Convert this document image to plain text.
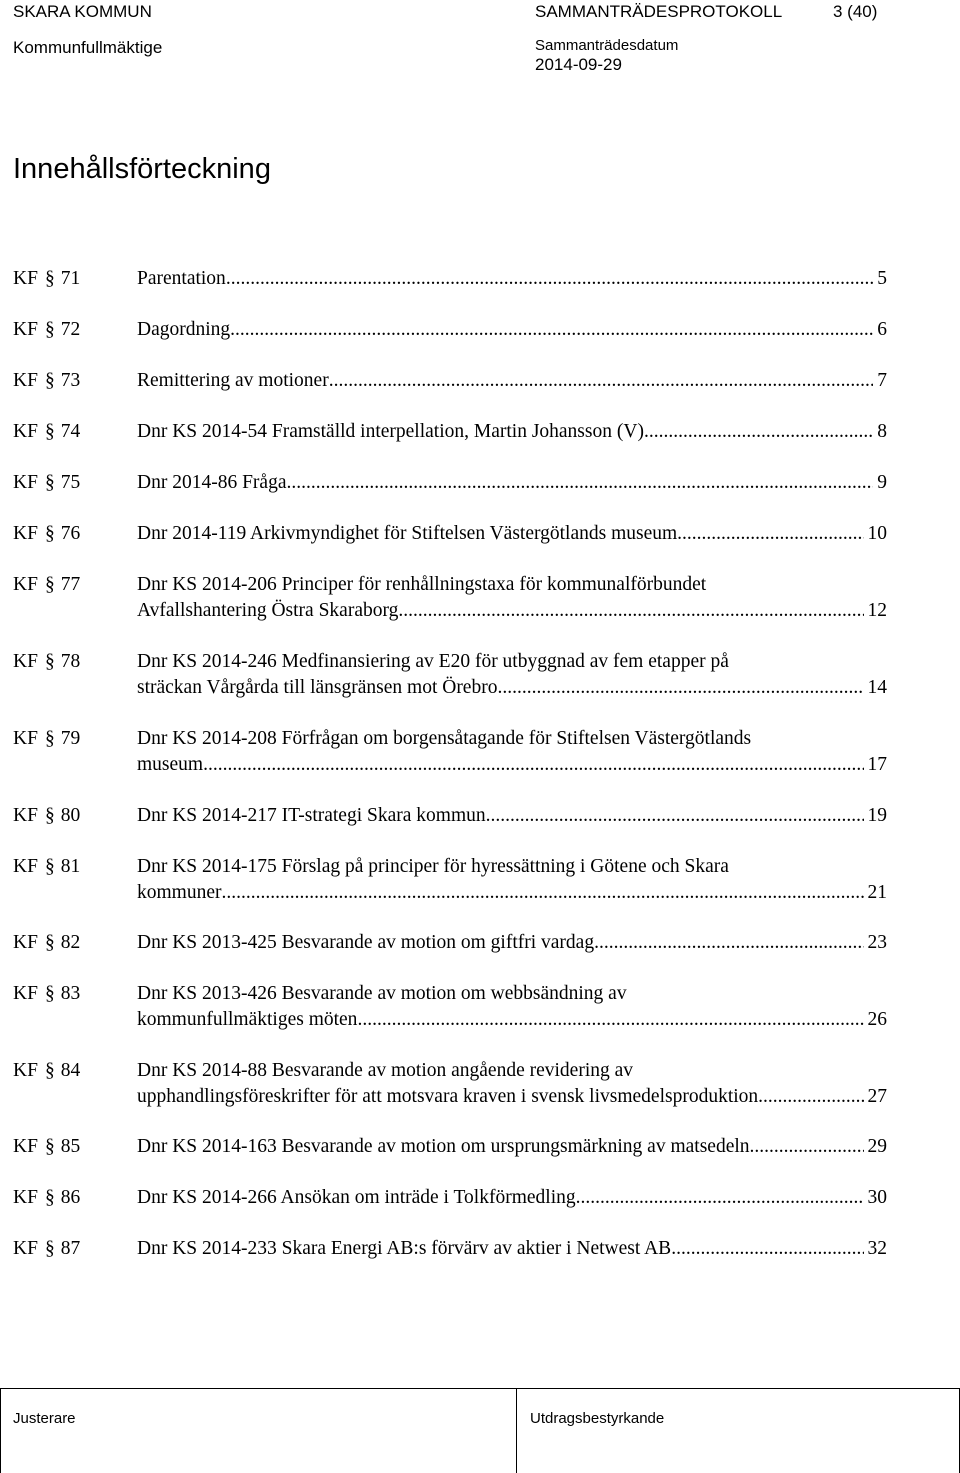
SKARA KOMMUN	SAMMANTRÄDESPROTOKOLL	3 (40)
Kommunfullmäktige	Sammanträdesdatum
2014-09-29
Innehållsförteckning
KF § 71	Parentation .....	5
KF § 72	Dagordning .....	6
KF § 73	Remittering av motioner .....	7
KF § 74	Dnr KS 2014-54 Framställd interpellation, Martin Johansson (V) .....	8
KF § 75	Dnr 2014-86 Fråga .....	9
KF § 76	Dnr 2014-119 Arkivmyndighet för Stiftelsen Västergötlands museum .....	10
KF § 77	Dnr KS 2014-206 Principer för renhållningstaxa för kommunalförbundet
Avfallshantering Östra Skaraborg .....	12
KF § 78	Dnr KS 2014-246 Medfinansiering av E20 för utbyggnad av fem etapper på
sträckan Vårgårda till länsgränsen mot Örebro .....	14
KF § 79	Dnr KS 2014-208 Förfrågan om borgensåtagande för Stiftelsen Västergötlands
museum .....	17
KF § 80	Dnr KS 2014-217 IT-strategi Skara kommun .....	19
KF § 81	Dnr KS 2014-175 Förslag på principer för hyressättning i Götene och Skara
kommuner .....	21
KF § 82	Dnr KS 2013-425 Besvarande av motion om giftfri vardag .....	23
KF § 83	Dnr KS 2013-426 Besvarande av motion om webbsändning av
kommunfullmäktiges möten .....	26
KF § 84	Dnr KS 2014-88 Besvarande av motion angående revidering av
upphandlingsföreskrifter för att motsvara kraven i svensk livsmedelsproduktion .....	27
KF § 85	Dnr KS 2014-163 Besvarande av motion om ursprungsmärkning av matsedeln .....	29
KF § 86	Dnr KS 2014-266 Ansökan om inträde i Tolkförmedling .....	30
KF § 87	Dnr KS 2014-233 Skara Energi AB:s förvärv av aktier i Netwest AB .....	32
Justerare	Utdragsbestyrkande
